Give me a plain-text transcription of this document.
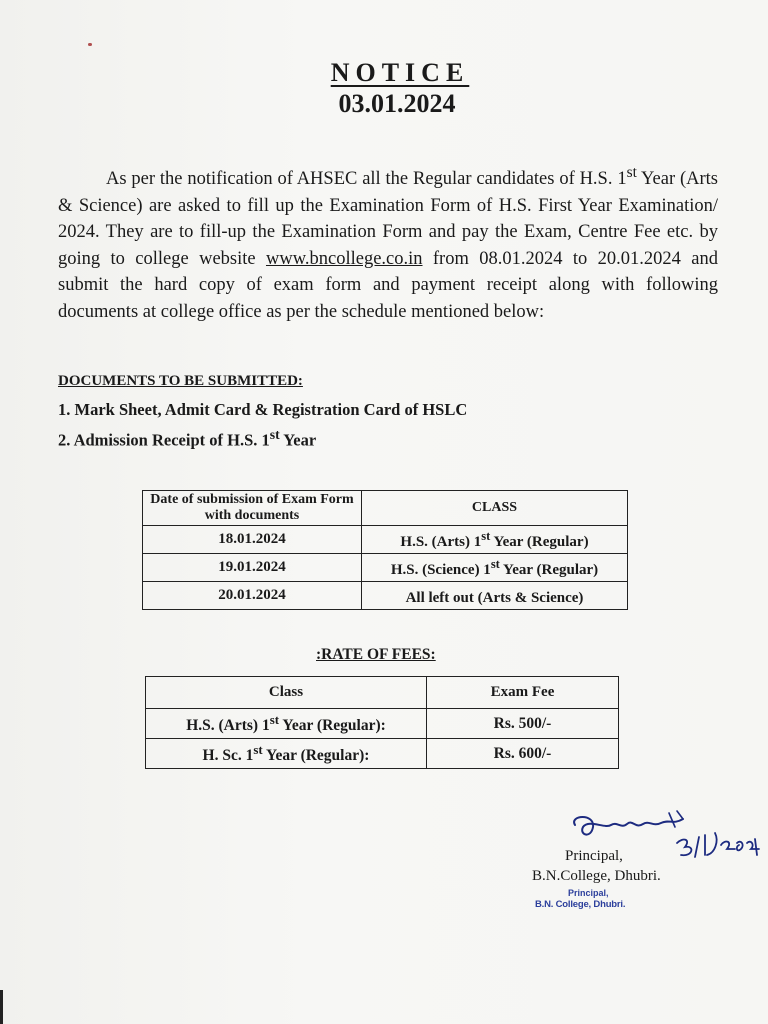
NOTICE
03.01.2024
As per the notification of AHSEC all the Regular candidates of H.S. 1st Year (Arts & Science) are asked to fill up the Examination Form of H.S. First Year Examination/ 2024. They are to fill-up the Examination Form and pay the Exam, Centre Fee etc. by going to college website www.bncollege.co.in from 08.01.2024 to 20.01.2024 and submit the hard copy of exam form and payment receipt along with following documents at college office as per the schedule mentioned below:
DOCUMENTS TO BE SUBMITTED:
1. Mark Sheet, Admit Card & Registration Card of HSLC
2. Admission Receipt of H.S. 1st Year
Date of submission of Exam Form with documents	CLASS
18.01.2024	H.S. (Arts) 1st Year (Regular)
19.01.2024	H.S. (Science) 1st Year (Regular)
20.01.2024	All left out (Arts & Science)
:RATE OF FEES:
Class	Exam Fee
H.S. (Arts) 1st Year (Regular):	Rs. 500/-
H. Sc. 1st Year (Regular):	Rs. 600/-
Principal,
B.N.College, Dhubri.
Principal,
B.N. College, Dhubri.
